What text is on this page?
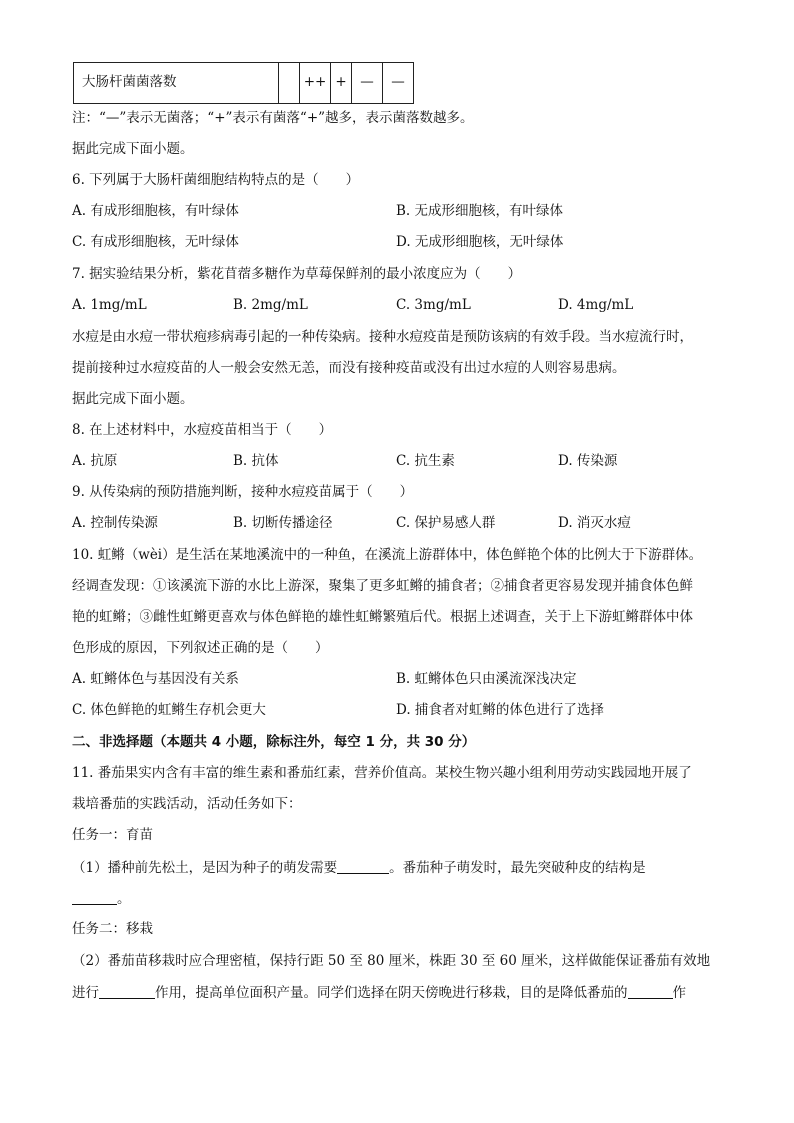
大肠杆菌菌落数		++	+	—	—
注：“—”表示无菌落；“+”表示有菌落“+”越多，表示菌落数越多。
据此完成下面小题。
6. 下列属于大肠杆菌细胞结构特点的是（　　）
A. 有成形细胞核，有叶绿体	B. 无成形细胞核，有叶绿体
C. 有成形细胞核，无叶绿体	D. 无成形细胞核，无叶绿体
7. 据实验结果分析，紫花苜蓿多糖作为草莓保鲜剂的最小浓度应为（　　）
A. 1mg/mL	B. 2mg/mL	C. 3mg/mL	D. 4mg/mL
水痘是由水痘一带状疱疹病毒引起的一种传染病。接种水痘疫苗是预防该病的有效手段。当水痘流行时，
提前接种过水痘疫苗的人一般会安然无恙，而没有接种疫苗或没有出过水痘的人则容易患病。
据此完成下面小题。
8. 在上述材料中，水痘疫苗相当于（　　）
A. 抗原	B. 抗体	C. 抗生素	D. 传染源
9. 从传染病的预防措施判断，接种水痘疫苗属于（　　）
A. 控制传染源	B. 切断传播途径	C. 保护易感人群	D. 消灭水痘
10. 虹鳉（wèi）是生活在某地溪流中的一种鱼，在溪流上游群体中，体色鲜艳个体的比例大于下游群体。
经调查发现：①该溪流下游的水比上游深，聚集了更多虹鳉的捕食者；②捕食者更容易发现并捕食体色鲜
艳的虹鳉；③雌性虹鳉更喜欢与体色鲜艳的雄性虹鳉繁殖后代。根据上述调查，关于上下游虹鳉群体中体
色形成的原因，下列叙述正确的是（　　）
A. 虹鳉体色与基因没有关系	B. 虹鳉体色只由溪流深浅决定
C. 体色鲜艳的虹鳉生存机会更大	D. 捕食者对虹鳉的体色进行了选择
二、非选择题（本题共 4 小题，除标注外，每空 1 分，共 30 分）
11. 番茄果实内含有丰富的维生素和番茄红素，营养价值高。某校生物兴趣小组利用劳动实践园地开展了
栽培番茄的实践活动，活动任务如下：
任务一：育苗
（1）播种前先松土，是因为种子的萌发需要	。番茄种子萌发时，最先突破种皮的结构是
。
任务二：移栽
（2）番茄苗移栽时应合理密植，保持行距 50 至 80 厘米，株距 30 至 60 厘米，这样做能保证番茄有效地
进行	作用，提高单位面积产量。同学们选择在阴天傍晚进行移栽，目的是降低番茄的	作
